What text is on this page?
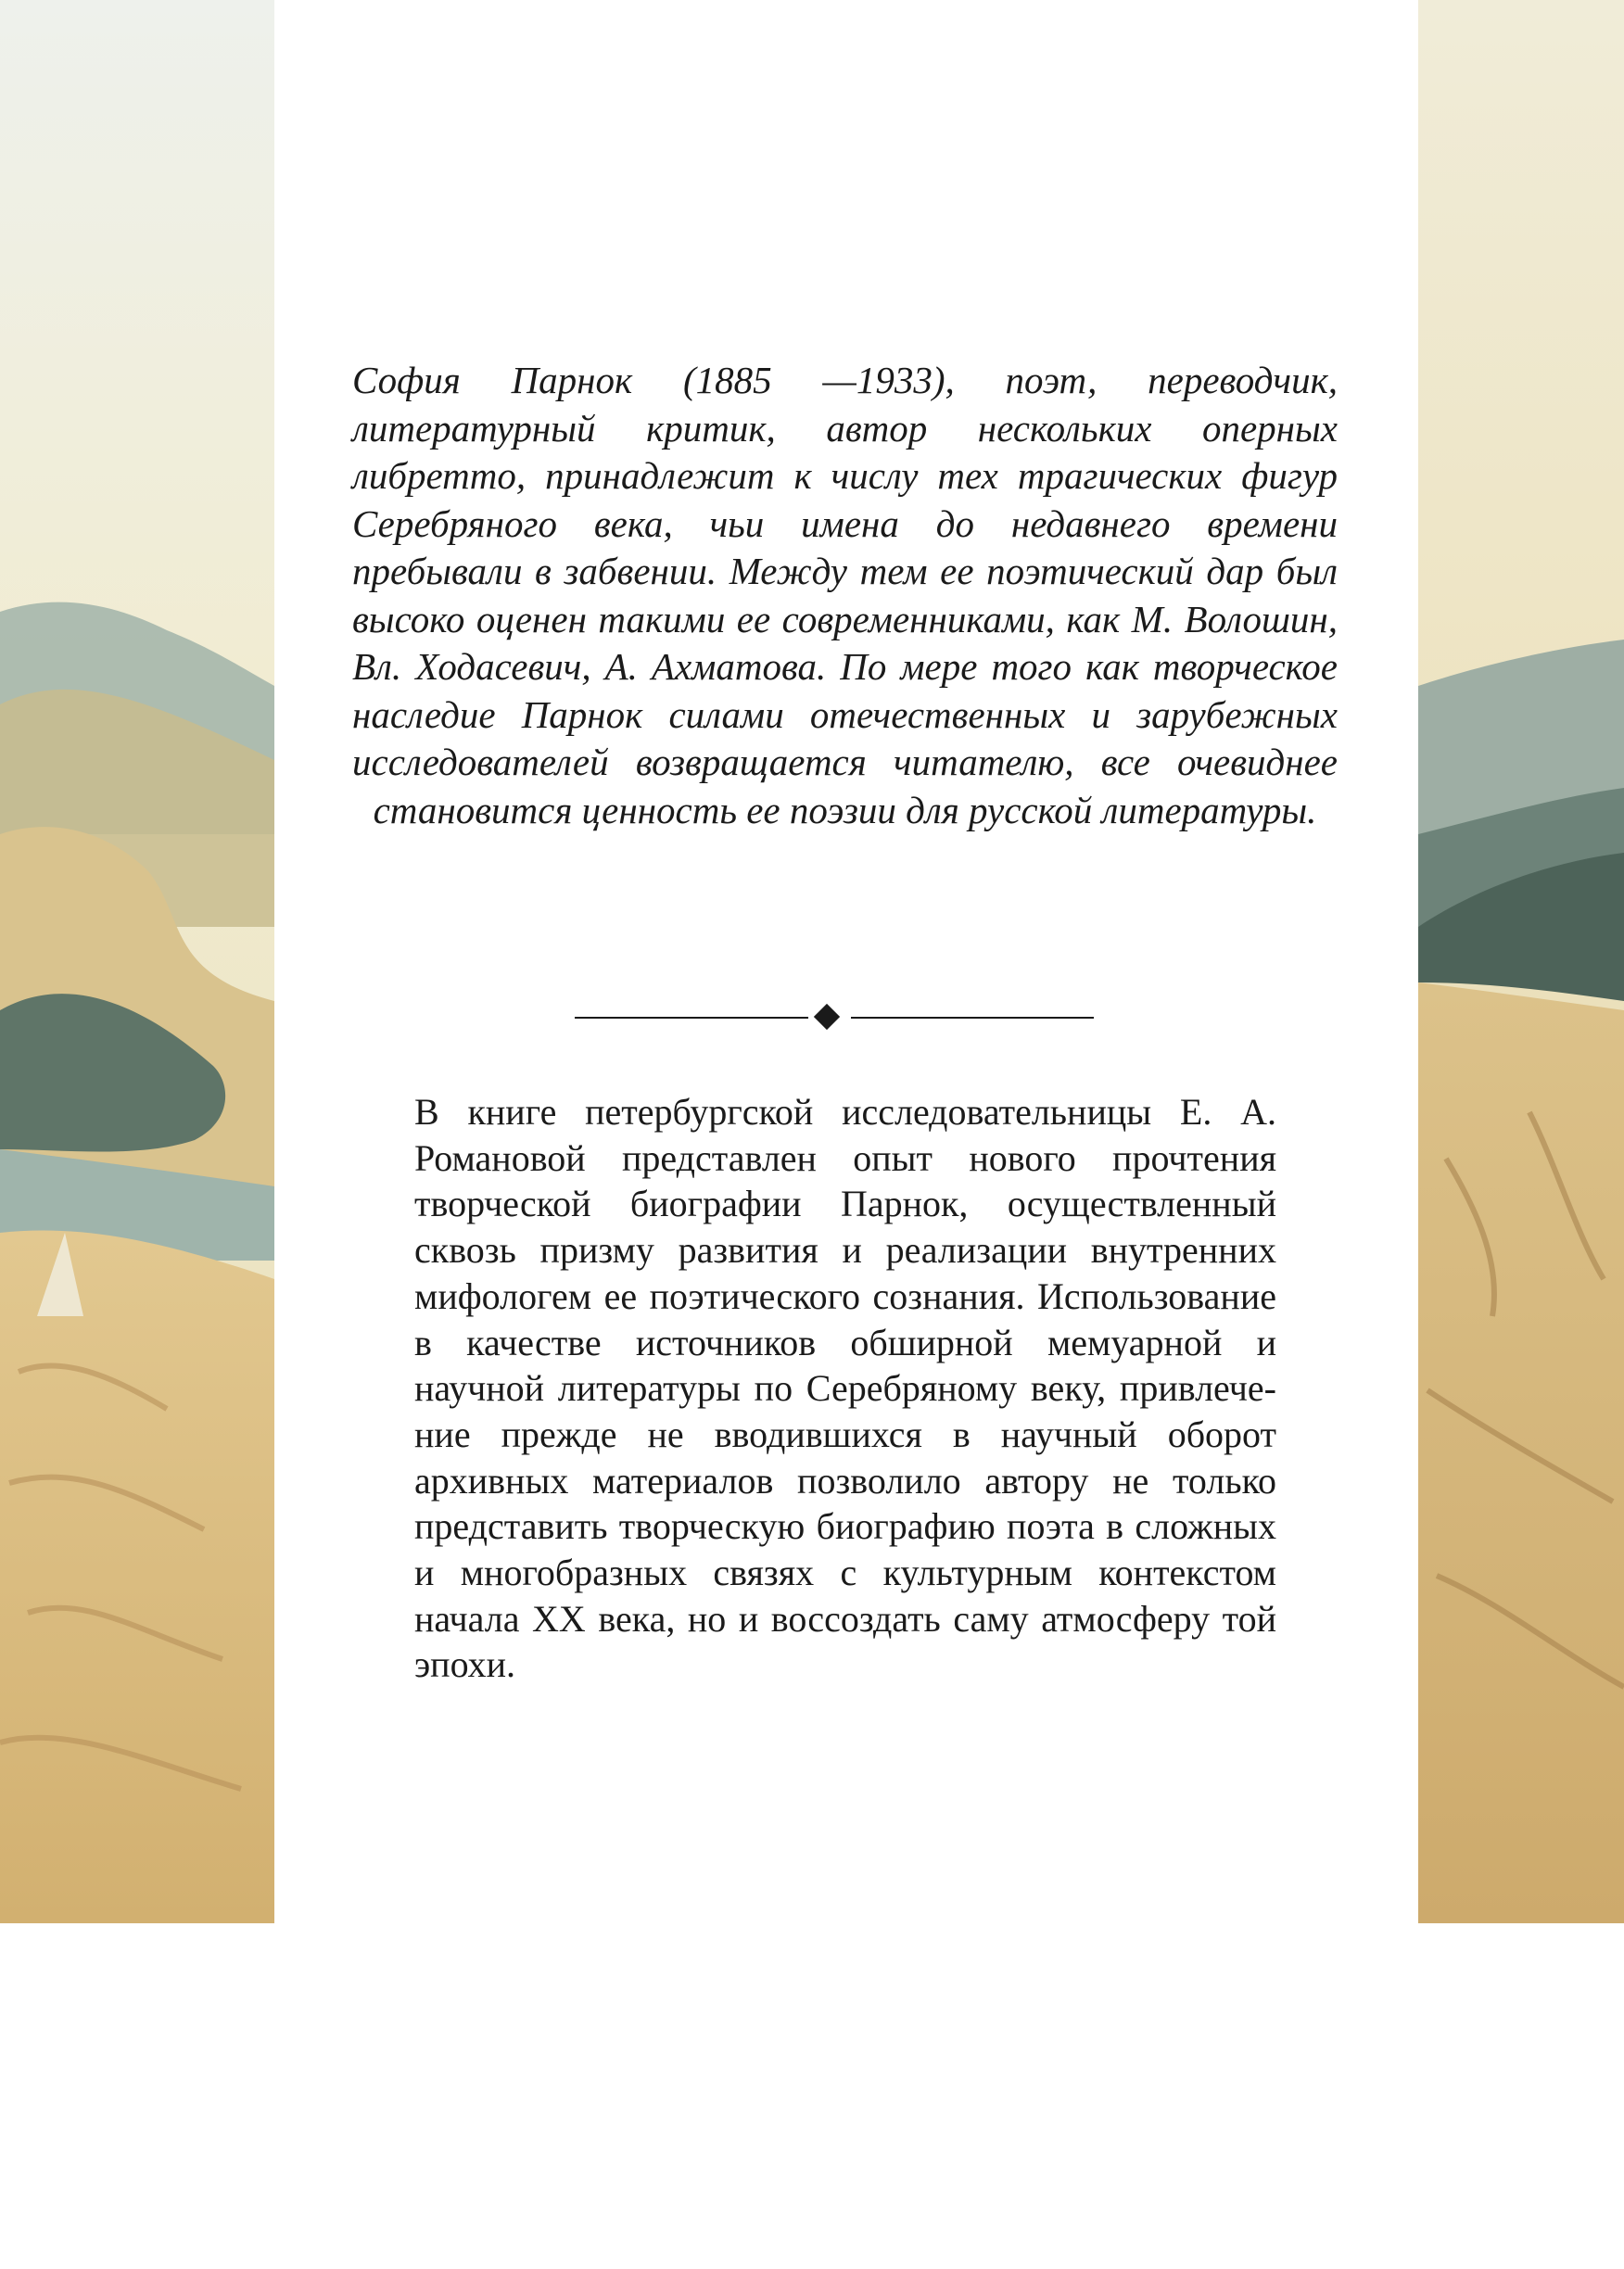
София Парнок (1885 —1933), поэт, переводчик, литературный критик, автор нескольких оперных либретто, принадлежит к числу тех трагических фигур Серебряного века, чьи имена до недавнего времени пребывали в забвении. Между тем ее поэтический дар был высоко оценен такими ее современниками, как М. Волошин, Вл. Ходасевич, А. Ахматова. По мере того как творческое наследие Парнок силами отечественных и зарубежных исследователей возвращается читателю, все очевиднее становится ценность ее поэзии для русской литературы.

В книге петербургской исследовательницы Е. А. Романовой представлен опыт нового прочтения творческой биографии Парнок, осуществленный сквозь призму развития и реализации внутренних мифологем ее поэтического сознания. Использование в качестве источников обширной мемуарной и научной литературы по Серебряному веку, привлечение прежде не вводившихся в научный оборот архивных материалов позволило автору не только представить творческую биографию поэта в сложных и многобразных связях с культурным контекстом начала XX века, но и воссоздать саму атмосферу той эпохи.
